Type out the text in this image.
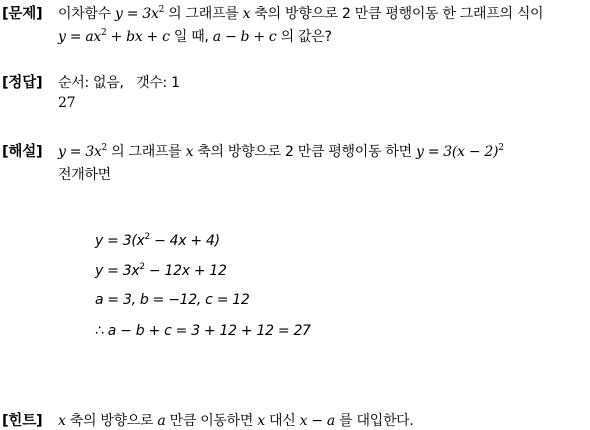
[문제] 이차함수 $y = 3x^2$ 의 그래프를 x 축의 방향으로 2 만큼 평행이동 한 그래프의 식이
$y = ax^2$ + bx + c 일 때, a − b + c 의 값은?
[정답] 순서: 없음,   갯수: 1
27
[해설] $y = 3x^2$ 의 그래프를 x 축의 방향으로 2 만큼 평행이동 하면 $y = 3(x - 2)^2$
전개하면
$y = 3(x^2 - 4x + 4)$
$y = 3x^2 - 12x + 12$
a = 3, b = −12, c = 12
∴ a − b + c = 3 + 12 + 12 = 27
[힌트] x 축의 방향으로 a 만큼 이동하면 x 대신 x − a 를 대입한다.
